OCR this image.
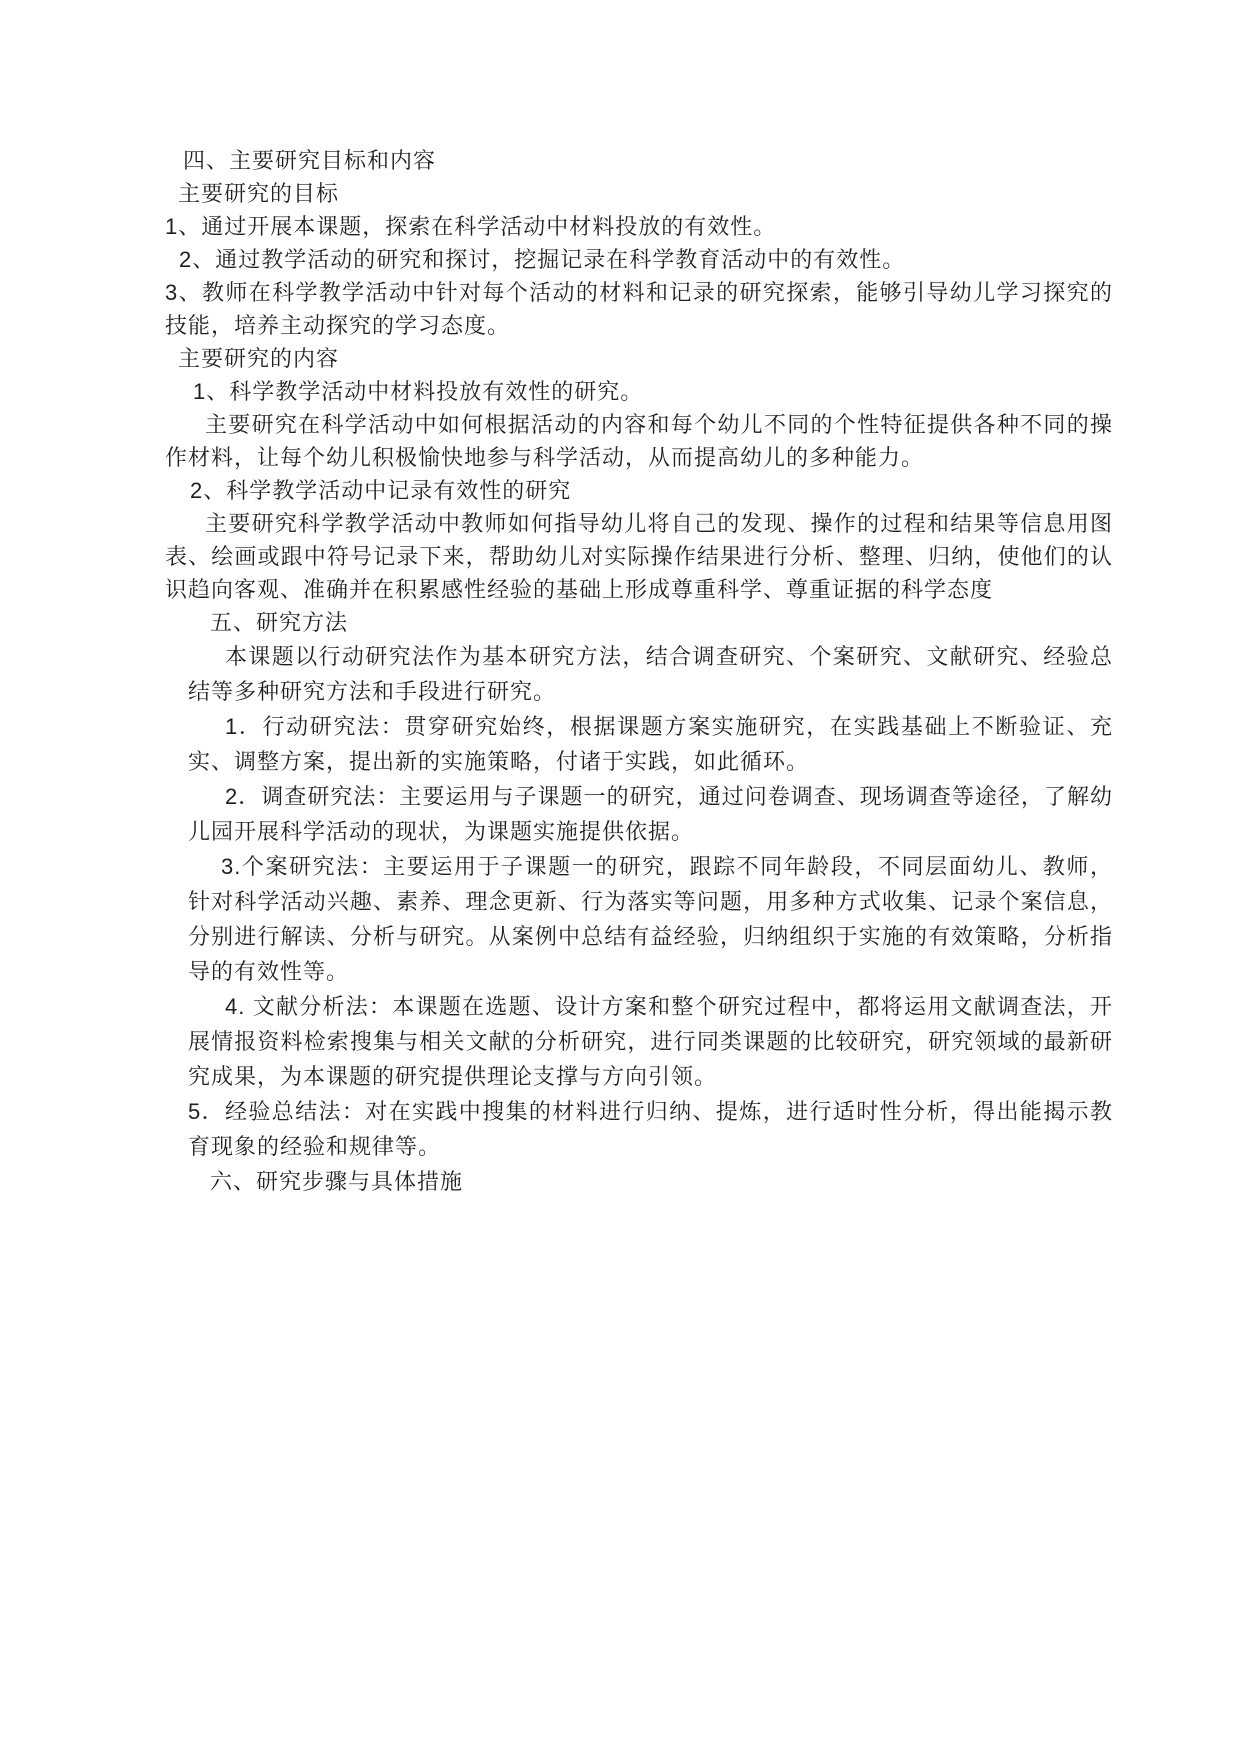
四、主要研究目标和内容

主要研究的目标

1、通过开展本课题，探索在科学活动中材料投放的有效性。

2、通过教学活动的研究和探讨，挖掘记录在科学教育活动中的有效性。

3、教师在科学教学活动中针对每个活动的材料和记录的研究探索，能够引导幼儿学习探究的技能，培养主动探究的学习态度。

主要研究的内容

1、科学教学活动中材料投放有效性的研究。

主要研究在科学活动中如何根据活动的内容和每个幼儿不同的个性特征提供各种不同的操作材料，让每个幼儿积极愉快地参与科学活动，从而提高幼儿的多种能力。

2、科学教学活动中记录有效性的研究

主要研究科学教学活动中教师如何指导幼儿将自己的发现、操作的过程和结果等信息用图表、绘画或跟中符号记录下来，帮助幼儿对实际操作结果进行分析、整理、归纳，使他们的认识趋向客观、准确并在积累感性经验的基础上形成尊重科学、尊重证据的科学态度

五、研究方法

本课题以行动研究法作为基本研究方法，结合调查研究、个案研究、文献研究、经验总结等多种研究方法和手段进行研究。

1．行动研究法：贯穿研究始终，根据课题方案实施研究，在实践基础上不断验证、充实、调整方案，提出新的实施策略，付诸于实践，如此循环。

2．调查研究法：主要运用与子课题一的研究，通过问卷调查、现场调查等途径，了解幼儿园开展科学活动的现状，为课题实施提供依据。

3.个案研究法：主要运用于子课题一的研究，跟踪不同年龄段，不同层面幼儿、教师，针对科学活动兴趣、素养、理念更新、行为落实等问题，用多种方式收集、记录个案信息，分别进行解读、分析与研究。从案例中总结有益经验，归纳组织于实施的有效策略，分析指导的有效性等。

4. 文献分析法：本课题在选题、设计方案和整个研究过程中，都将运用文献调查法，开展情报资料检索搜集与相关文献的分析研究，进行同类课题的比较研究，研究领域的最新研究成果，为本课题的研究提供理论支撑与方向引领。

5．经验总结法：对在实践中搜集的材料进行归纳、提炼，进行适时性分析，得出能揭示教育现象的经验和规律等。

六、研究步骤与具体措施
